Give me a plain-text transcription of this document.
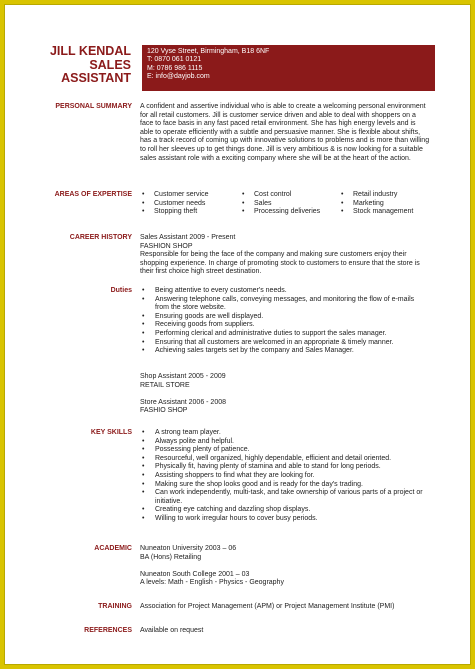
JILL KENDAL
SALES
ASSISTANT
120 Vyse Street, Birmingham, B18 6NF
T: 0870 061 0121
M: 0786 986 1115
E: info@dayjob.com
PERSONAL SUMMARY A confident and assertive individual who is able to create a welcoming personal environment for all retail customers. Jill is customer service driven and able to deal with shoppers on a face to face basis in any fast paced retail environment. She has high energy levels and is able to operate efficiently with a subtle and persuasive manner. She is flexible about shifts, has a track record of coming up with innovative solutions to problems and is more than willing to roll her sleeves up to get things done. Jill is very ambitious & is now looking for a suitable sales assistant role with a exciting company where she will be at the heart of the action.

AREAS OF EXPERTISE	• Customer service	• Cost control	• Retail industry
• Customer needs	• Sales	• Marketing
• Stopping theft	• Processing deliveries	• Stock management
CAREER HISTORY Sales Assistant 2009 - Present
FASHION SHOP

Responsible for being the face of the company and making sure customers enjoy their shopping experience. In charge of promoting stock to customers to ensure that the store is their first choice high street destination.

Duties	• Being attentive to every customer's needs.
• Answering telephone calls, conveying messages, and monitoring the flow of e-mails from the store website.
• Ensuring goods are well displayed.
• Receiving goods from suppliers.
• Performing clerical and administrative duties to support the sales manager.
• Ensuring that all customers are welcomed in an appropriate & timely manner.
• Achieving sales targets set by the company and Sales Manager.
Shop Assistant 2005 - 2009
RETAIL STORE
Store Assistant 2006 - 2008
FASHIO SHOP
KEY SKILLS	• A strong team player.
• Always polite and helpful.
• Possessing plenty of patience.
• Resourceful, well organized, highly dependable, efficient and detail oriented.
• Physically fit, having plenty of stamina and able to stand for long periods.
• Assisting shoppers to find what they are looking for.
• Making sure the shop looks good and is ready for the day's trading.
• Can work independently, multi-task, and take ownership of various parts of a project or initiative.
• Creating eye catching and dazzling shop displays.
• Willing to work irregular hours to cover busy periods.
ACADEMIC Nuneaton University 2003 – 06
BA (Hons) Retailing
Nuneaton South College 2001 – 03
A levels: Math - English - Physics - Geography
TRAINING Association for Project Management (APM) or Project Management Institute (PMI)
REFERENCES Available on request
